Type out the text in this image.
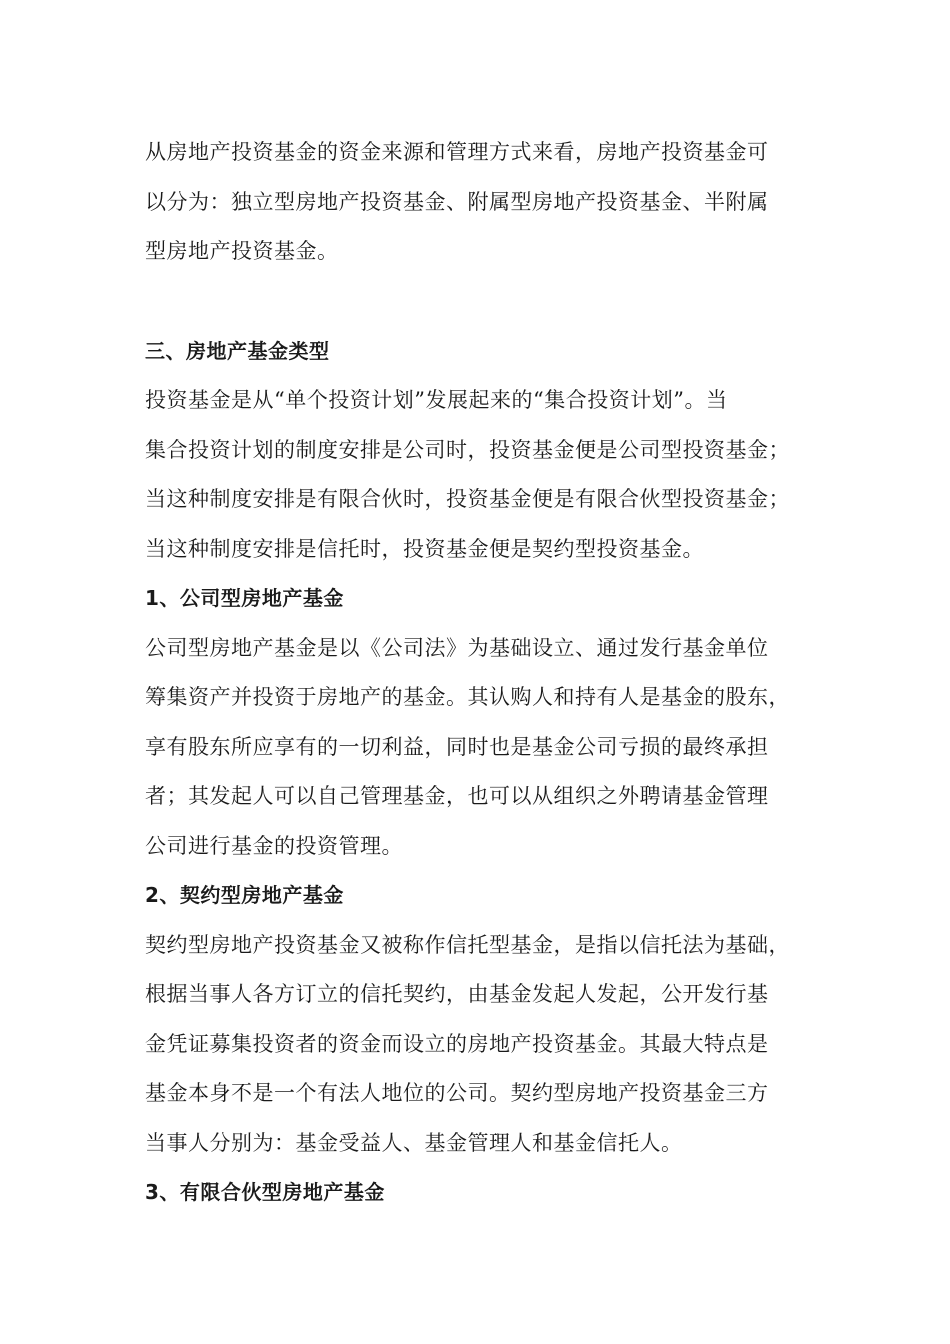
从房地产投资基金的资金来源和管理方式来看，房地产投资基金可
以分为：独立型房地产投资基金、附属型房地产投资基金、半附属
型房地产投资基金。
三、房地产基金类型
投资基金是从“单个投资计划”发展起来的“集合投资计划”。当
集合投资计划的制度安排是公司时，投资基金便是公司型投资基金；
当这种制度安排是有限合伙时，投资基金便是有限合伙型投资基金；
当这种制度安排是信托时，投资基金便是契约型投资基金。
1、公司型房地产基金
公司型房地产基金是以《公司法》为基础设立、通过发行基金单位
筹集资产并投资于房地产的基金。其认购人和持有人是基金的股东，
享有股东所应享有的一切利益，同时也是基金公司亏损的最终承担
者；其发起人可以自己管理基金，也可以从组织之外聘请基金管理
公司进行基金的投资管理。
2、契约型房地产基金
契约型房地产投资基金又被称作信托型基金，是指以信托法为基础，
根据当事人各方订立的信托契约，由基金发起人发起，公开发行基
金凭证募集投资者的资金而设立的房地产投资基金。其最大特点是
基金本身不是一个有法人地位的公司。契约型房地产投资基金三方
当事人分别为：基金受益人、基金管理人和基金信托人。
3、有限合伙型房地产基金
